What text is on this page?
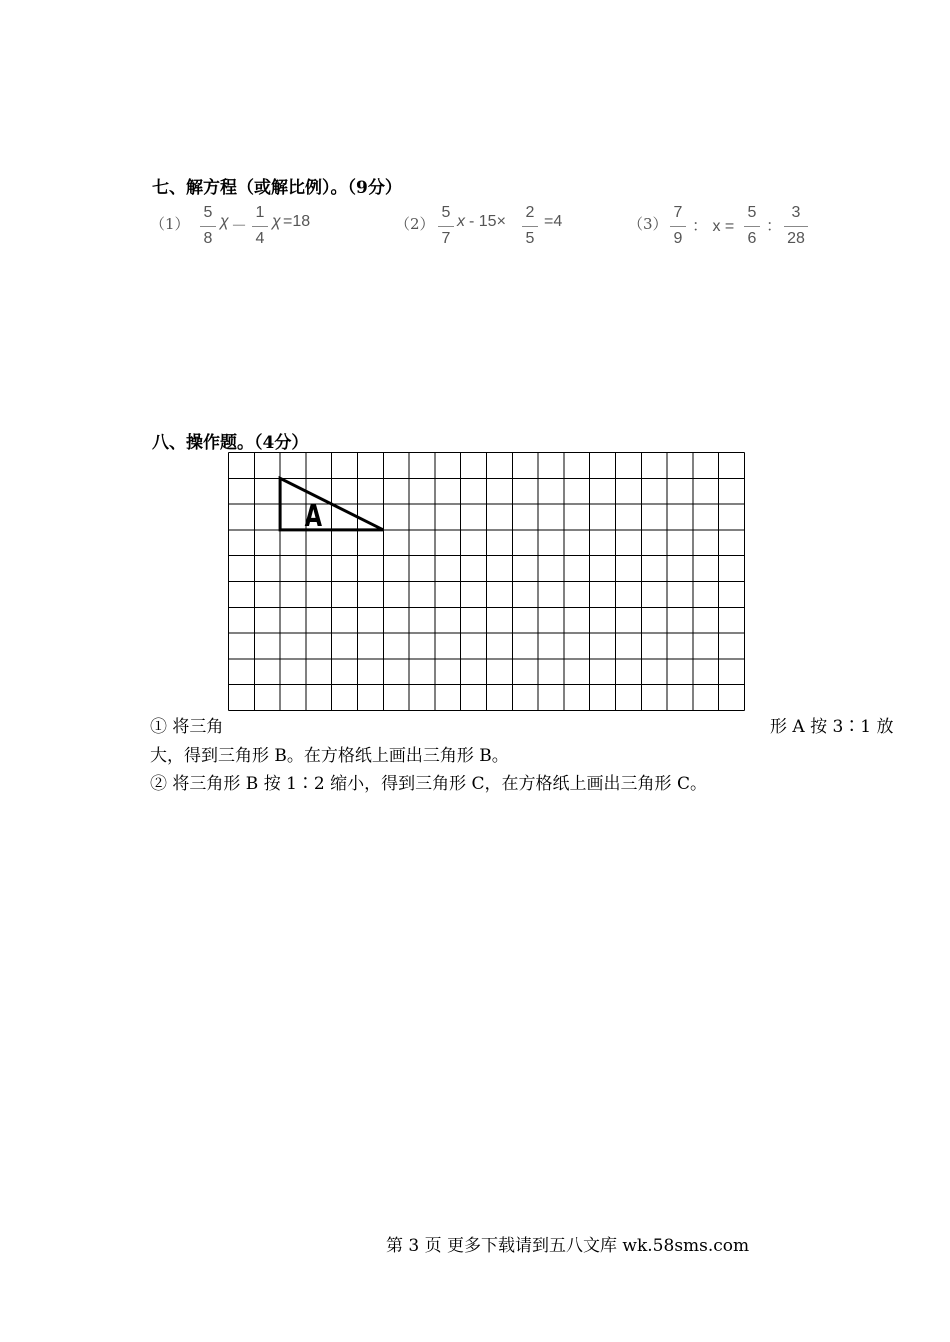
七、解方程（或解比例）。（9分）
（1）
5
8
χ －
1
4
χ =18	（2）
5
7
x - 15×
2
5
=4	（3）
7
9
： x =
5
6
：
3
28
八、操作题。（4分）
A
① 将三角	形 A 按 3∶1 放
大，得到三角形 B。在方格纸上画出三角形 B。
② 将三角形 B 按 1∶2 缩小，得到三角形 C，在方格纸上画出三角形 C。
第 3 页 更多下载请到五八文库 wk.58sms.com
